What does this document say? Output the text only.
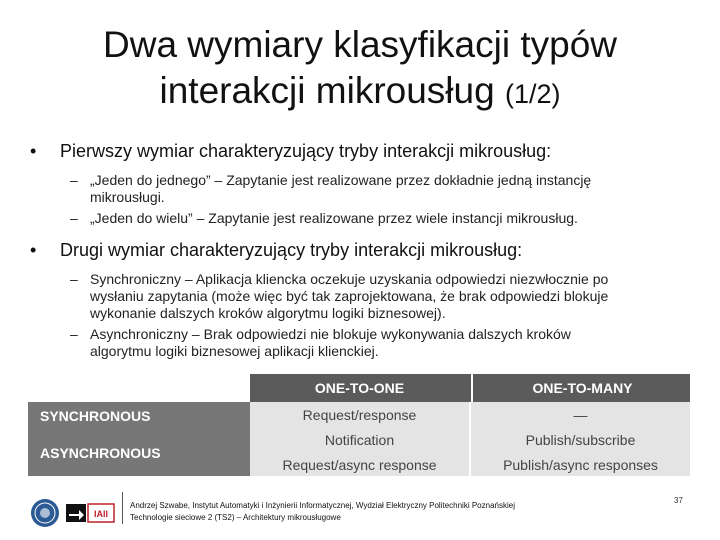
Dwa wymiary klasyfikacji typów
interakcji mikrousług (1/2)

• Pierwszy wymiar charakteryzujący tryby interakcji mikrousług:

– „Jeden do jednego” – Zapytanie jest realizowane przez dokładnie jedną instancję
mikrousługi.
– „Jeden do wielu” – Zapytanie jest realizowane przez wiele instancji mikrousług.

• Drugi wymiar charakteryzujący tryby interakcji mikrousług:

– Synchroniczny – Aplikacja kliencka oczekuje uzyskania odpowiedzi niezwłocznie po
wysłaniu zapytania (może więc być tak zaprojektowana, że brak odpowiedzi blokuje
wykonanie dalszych kroków algorytmu logiki biznesowej).
– Asynchroniczny – Brak odpowiedzi nie blokuje wykonywania dalszych kroków
algorytmu logiki biznesowej aplikacji klienckiej.
ONE-TO-ONE	ONE-TO-MANY
SYNCHRONOUS
ASYNCHRONOUS
Request/response	—
Notification
Request/async response
Publish/subscribe
Publish/async responses
IAII
Andrzej Szwabe, Instytut Automatyki i Inżynierii Informatycznej, Wydział Elektryczny Politechniki Poznańskiej
Technologie sieciowe 2 (TS2) – Architektury mikrousługowe
37
